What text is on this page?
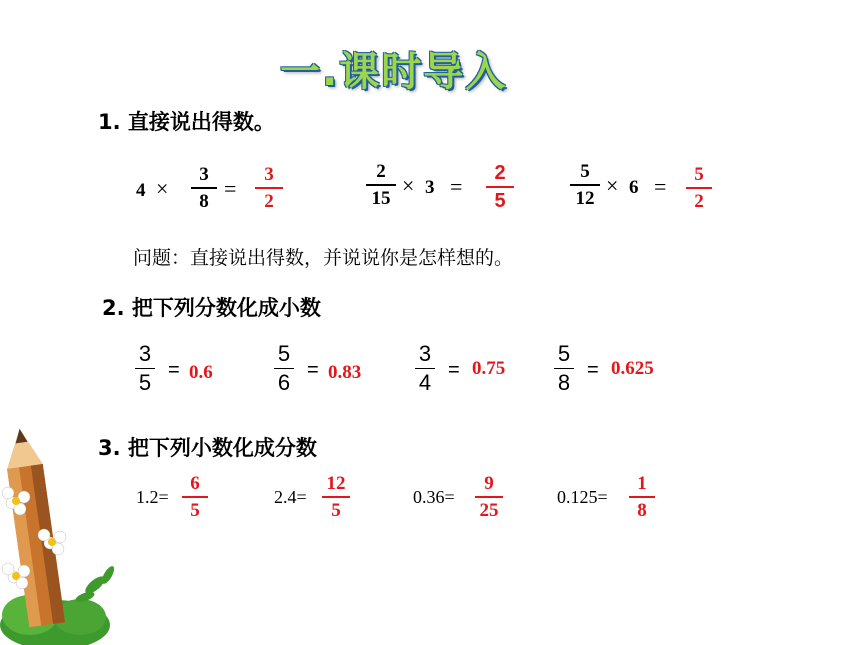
一.课时导入
1. 直接说出得数。
4 ×
3
8
=
3
2
2
15
× 3 =
2
5
5
12
× 6 = 5
2
问题：直接说出得数，并说说你是怎样想的。
2. 把下列分数化成小数
3
5 = 0.6
5
6 = 0.83
3
4 = 0.75
5
8 = 0.625
3. 把下列小数化成分数
1.2=
6
5
2.4=
12
5
0.36=
9
25
0.125=
1
8
